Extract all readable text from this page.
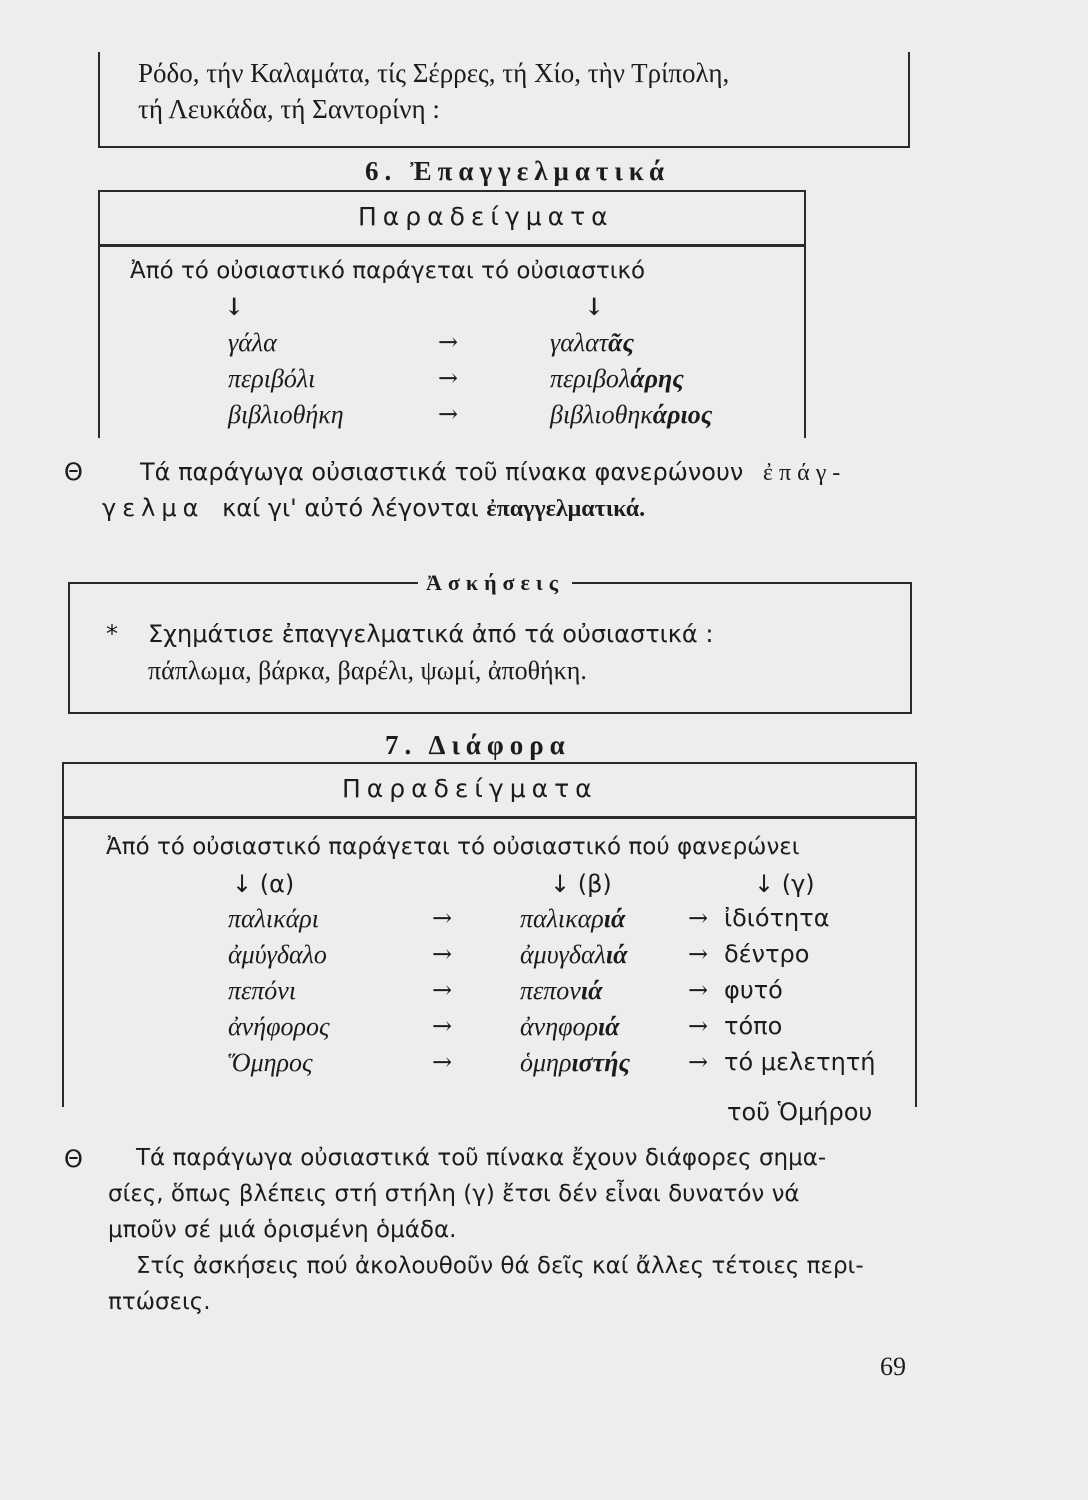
Ρόδο, τήν Καλαμάτα, τίς Σέρρες, τή Χίο, τὴν Τρίπολη,
τή Λευκάδα, τή Σαντορίνη :
6. Ἐπαγγελματικά
Παραδείγματα
Ἀπό τό οὐσιαστικό παράγεται τό οὐσιαστικό
↓	↓
γάλα	→	γαλατᾶς
περιβόλι	→	περιβολάρης
βιβλιοθήκη	→	βιβλιοθηκάριος
Θ Τά παράγωγα οὐσιαστικά τοῦ πίνακα φανερώνουν ἐπάγ-
γελμα καί γι' αὐτό λέγονται ἐπαγγελματικά.
Ἀσκήσεις
* Σχημάτισε ἐπαγγελματικά ἀπό τά οὐσιαστικά :
πάπλωμα, βάρκα, βαρέλι, ψωμί, ἀποθήκη.
7. Διάφορα
Παραδείγματα
Ἀπό τό οὐσιαστικό παράγεται τό οὐσιαστικό πού φανερώνει
↓ (α)	↓ (β)	↓ (γ)
παλικάρι	→	παλικαριά	→ ἰδιότητα
ἀμύγδαλο	→	ἀμυγδαλιά	→ δέντρο
πεπόνι	→	πεπονιά	→ φυτό
ἀνήφορος	→	ἀνηφοριά	→ τόπο
Ὅμηρος	→	ὁμηριστής → τό μελετητή
τοῦ Ὁμήρου
Θ Τά παράγωγα οὐσιαστικά τοῦ πίνακα ἔχουν διάφορες σημα-
σίες, ὅπως βλέπεις στή στήλη (γ) ἔτσι δέν εἶναι δυνατόν νά
μποῦν σέ μιά ὁρισμένη ὁμάδα.
Στίς ἀσκήσεις πού ἀκολουθοῦν θά δεῖς καί ἄλλες τέτοιες περι-
πτώσεις.
69
